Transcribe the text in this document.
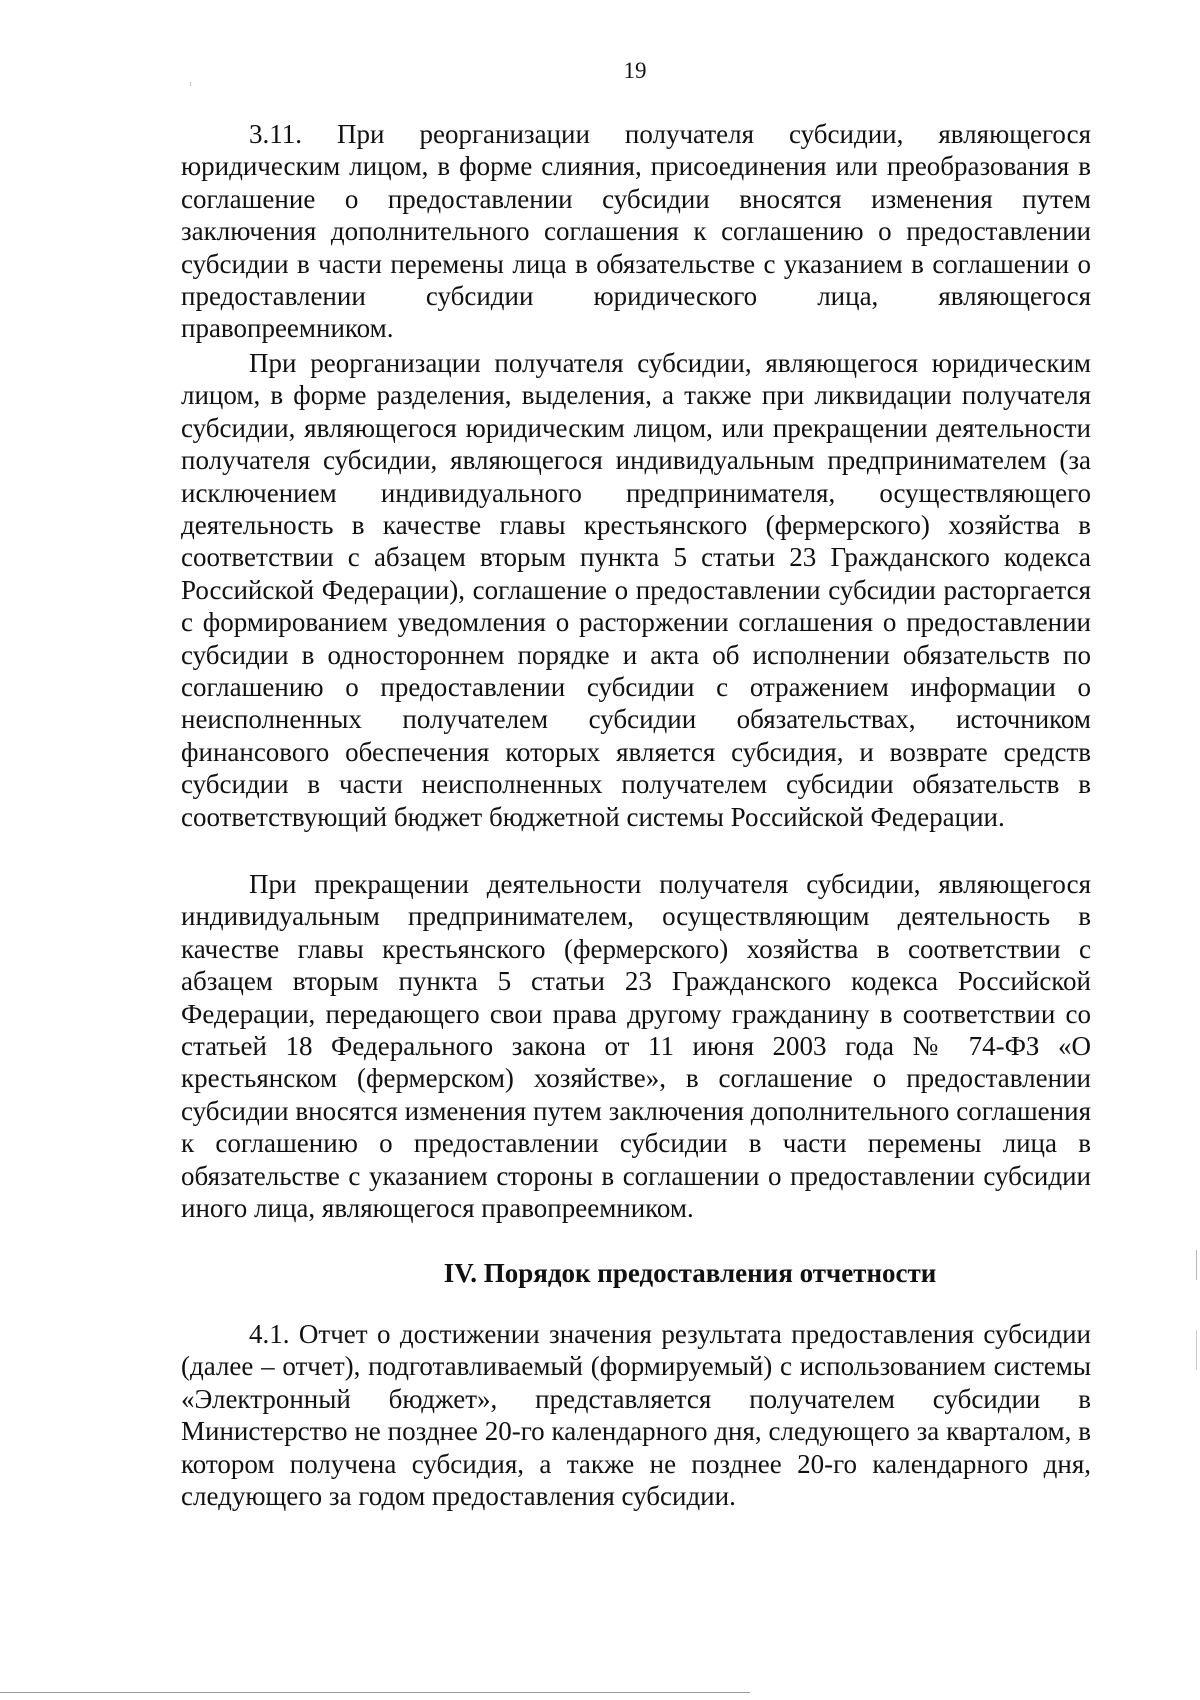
19

3.11. При реорганизации получателя субсидии, являющегося юридическим лицом, в форме слияния, присоединения или преобразования в соглашение о предоставлении субсидии вносятся изменения путем заключения дополнительного соглашения к соглашению о предоставлении субсидии в части перемены лица в обязательстве с указанием в соглашении о предоставлении субсидии юридического лица, являющегося правопреемником.

При реорганизации получателя субсидии, являющегося юридическим лицом, в форме разделения, выделения, а также при ликвидации получателя субсидии, являющегося юридическим лицом, или прекращении деятельности получателя субсидии, являющегося индивидуальным предпринимателем (за исключением индивидуального предпринимателя, осуществляющего деятельность в качестве главы крестьянского (фермерского) хозяйства в соответствии с абзацем вторым пункта 5 статьи 23 Гражданского кодекса Российской Федерации), соглашение о предоставлении субсидии расторгается с формированием уведомления о расторжении соглашения о предоставлении субсидии в одностороннем порядке и акта об исполнении обязательств по соглашению о предоставлении субсидии с отражением информации о неисполненных получателем субсидии обязательствах, источником финансового обеспечения которых является субсидия, и возврате средств субсидии в части неисполненных получателем субсидии обязательств в соответствующий бюджет бюджетной системы Российской Федерации.

При прекращении деятельности получателя субсидии, являющегося индивидуальным предпринимателем, осуществляющим деятельность в качестве главы крестьянского (фермерского) хозяйства в соответствии с абзацем вторым пункта 5 статьи 23 Гражданского кодекса Российской Федерации, передающего свои права другому гражданину в соответствии со статьей 18 Федерального закона от 11 июня 2003 года № 74-ФЗ «О крестьянском (фермерском) хозяйстве», в соглашение о предоставлении субсидии вносятся изменения путем заключения дополнительного соглашения к соглашению о предоставлении субсидии в части перемены лица в обязательстве с указанием стороны в соглашении о предоставлении субсидии иного лица, являющегося правопреемником.

IV. Порядок предоставления отчетности

4.1. Отчет о достижении значения результата предоставления субсидии (далее – отчет), подготавливаемый (формируемый) с использованием системы «Электронный бюджет», представляется получателем субсидии в Министерство не позднее 20-го календарного дня, следующего за кварталом, в котором получена субсидия, а также не позднее 20-го календарного дня, следующего за годом предоставления субсидии.
